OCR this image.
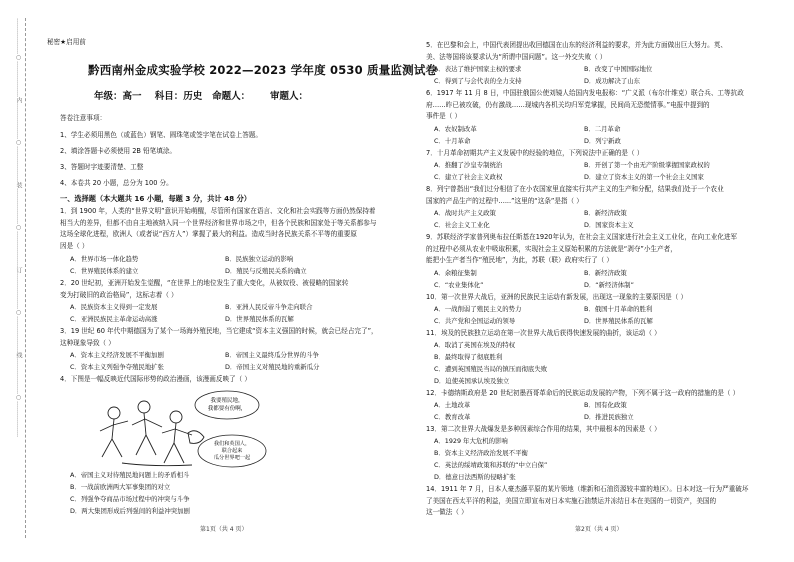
………………○………………内………………○………………装………………○………………订………………○………………线………………○………………	秘密★启用前
黔西南州金成实验学校 2022—2023 学年度 0530 质量监测试卷
年级：高一    科目：历史   命题人：      审题人：
答卷注意事项：
1、学生必须用黑色（或蓝色）钢笔、圆珠笔或签字笔在试卷上答题。
2、填涂答题卡必须使用 2B 铅笔填涂。
3、答题时字迹要清楚、工整
4、本卷共 20 小题，总分为 100 分。
一、选择题（本大题共 16 小题，每题 3 分，共计 48 分）
1．到 1900 年，人类的“世界文明”意识开始萌醒，尽管所有国家在语言、文化和社会实践等方面仍然保持着
相当大的差异，但都不由自主地被纳入同一个世界经济和世界市场之中，但各个民族和国家处于等关系都参与
这场全球化进程，欧洲人（或者说“西方人”）掌握了最大的利益。造成当时各民族关系不平等的重要原
因是（ ）
A．世界市场一体化趋势	B．民族独立运动的影响
C．世界殖民体系的建立	D．殖民与反殖民关系的确立
2．20 世纪初，亚洲开始发生觉醒，“在世界上的地位发生了重大变化，从被奴役、被侵略的国家转
变为打破旧的政治格局”，这标志着（ ）
A．民族资本主义得到一定发展	B．亚洲人民反帝斗争走向联合
C．亚洲民族民主革命运动高涨	D．世界殖民体系的瓦解
3．19 世纪 60 年代中期德国为了某个一场海外殖民地，当它建成“资本主义强国的时候，就会已经占完了”，
这种现象导致（ ）
A．资本主义经济发展不平衡加剧	B．帝国主义最终瓜分世界的斗争
C．资本主义列强争夺殖民地扩张	D．帝国主义对殖民地的重新瓜分
4．下图是一幅反映近代国际形势的政治漫画，该漫画反映了（ ）
我要殖民地，
我都要有份啊，
我们和英国人，
联合起来
瓜分世界吧一起
A．帝国主义对待殖民地问题上的矛盾相斗
B．一战前欧洲两大军事集团的对立
C．列强争夺商品市场过程中的冲突与斗争
D．两大集团形成后列强间的利益冲突加剧
第1页（共 4 页）
5．在巴黎和会上，中国代表团提出收回德国在山东的经济利益的要求，并为此方面做出巨大努力。英、
美、法等国将该要求认为“所谓中国问题”。这一外交失败（ ）
A．表达了维护国家主权的要求	B．改变了中国国际地位
C．得到了与会代表的全力支持	D．成功解决了山东
6．1917 年 11 月 8 日，中国驻俄国公使刘镜人给国内发电报称：“广义派（布尔什维克）联合兵、工等抗政
府……昨已被攻破，仍有激战……现城内各机关均归军党掌握，民间尚无恐慌情事。”电报中提到的
事件是（ ）
A．农奴制改革	B．二月革命
C．十月革命	D．列宁新政
7．十月革命初期共产主义发展中的经验的地位，下列说法中正确的是（ ）
A．推翻了沙皇专制统治	B．开创了第一个由无产阶级掌握国家政权的
C．建立了社会主义政权	D．建立了资本主义的第一个社会主义国家
8．列宁曾指出“我们过分相信了在小农国家里直接实行共产主义的生产和分配，结果我们处于一个农业
国家的产品生产的过程中......”这里的“这条”是指（ ）
A．战时共产主义政策	B．新经济政策
C．社会主义工业化	D．国家资本主义
9．苏联经济学家普列奥布拉任斯基在1920年认为，在社会主义国家进行社会主义工业化，在向工业化进军
的过程中必须从农业中吸取积累，实现社会主义原始积累的方法就是“剥夺”小生产者，
能把小生产者当作“殖民地”，为此，苏联（联）政府实行了（ ）
A．余粮征集制	B．新经济政策
C．“农业集体化”	D．“新经济体制”
10．第一次世界大战后，亚洲的民族民主运动有新发展，出现这一现象的主要原因是（ ）
A．一战削弱了殖民主义的势力	B．俄国十月革命的胜利
C．共产党和全国运动的领导	D．世界殖民体系的瓦解
11．埃及的民族独立运动在第一次世界大战后获得快速发展的曲折，该运动（ ）
A．取消了英国在埃及的特权
B．最终取得了彻底胜利
C．遭到英国殖民当局的镇压而彻底失败
D．迫使英国承认埃及独立
12．卡德纳斯政府是 20 世纪初墨西哥革命后的民族运动发展的产物，下列不属于这一政府的措施的是（ ）
A．土地改革	B．国有化政策
C．教育改革	D．推进民族独立
13．第二次世界大战爆发是多种因素综合作用的结果，其中最根本的因素是（ ）
A．1929 年大危机的影响
B．资本主义经济政治发展不平衡
C．英法的绥靖政策和苏联的“中立自保”
D．德意日法西斯的侵略扩张
14．1911 年 7 月，日本人豪杰藤平原的某片领地（维新和石油资源较丰富的地区）。日本对这一行为严重破坏
了美国在西太平洋的利益，美国立即宣布对日本实施石油禁运并冻结日本在美国的一切资产，美国的
这一做法（ ）
第2页（共 4 页）
